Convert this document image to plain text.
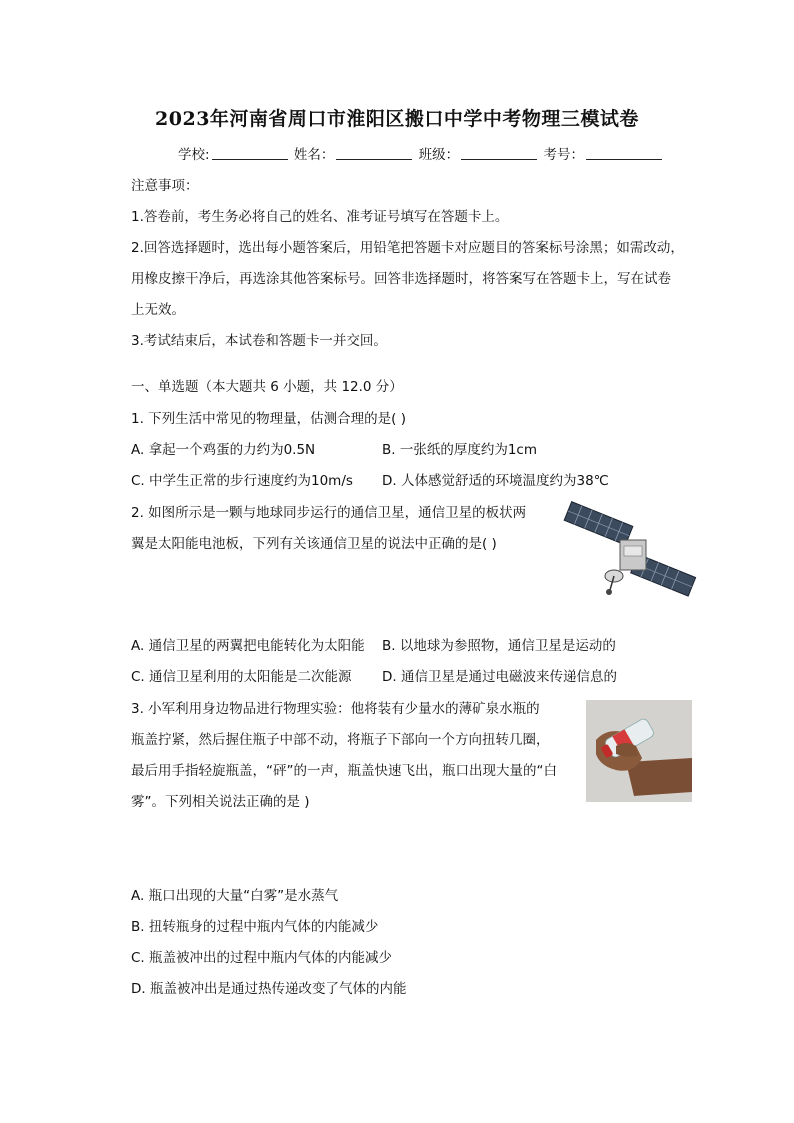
2023年河南省周口市淮阳区搬口中学中考物理三模试卷
学校:	姓名：	班级：	考号：
注意事项：
1.答卷前，考生务必将自己的姓名、准考证号填写在答题卡上。
2.回答选择题时，选出每小题答案后，用铅笔把答题卡对应题目的答案标号涂黑；如需改动，
用橡皮擦干净后，再选涂其他答案标号。回答非选择题时，将答案写在答题卡上，写在试卷
上无效。
3.考试结束后，本试卷和答题卡一并交回。
一、单选题（本大题共 6 小题，共 12.0 分）
1. 下列生活中常见的物理量，估测合理的是( )
A. 拿起一个鸡蛋的力约为0.5N	B. 一张纸的厚度约为1cm
C. 中学生正常的步行速度约为10m/s D. 人体感觉舒适的环境温度约为38℃
2. 如图所示是一颗与地球同步运行的通信卫星，通信卫星的板状两
翼是太阳能电池板，下列有关该通信卫星的说法中正确的是( )
A. 通信卫星的两翼把电能转化为太阳能 B. 以地球为参照物，通信卫星是运动的
C. 通信卫星利用的太阳能是二次能源 D. 通信卫星是通过电磁波来传递信息的
3. 小军利用身边物品进行物理实验：他将装有少量水的薄矿泉水瓶的
瓶盖拧紧，然后握住瓶子中部不动，将瓶子下部向一个方向扭转几圈，
最后用手指轻旋瓶盖，“砰”的一声，瓶盖快速飞出，瓶口出现大量的“白
雾”。下列相关说法正确的是 )
A. 瓶口出现的大量“白雾”是水蒸气
B. 扭转瓶身的过程中瓶内气体的内能减少
C. 瓶盖被冲出的过程中瓶内气体的内能减少
D. 瓶盖被冲出是通过热传递改变了气体的内能
